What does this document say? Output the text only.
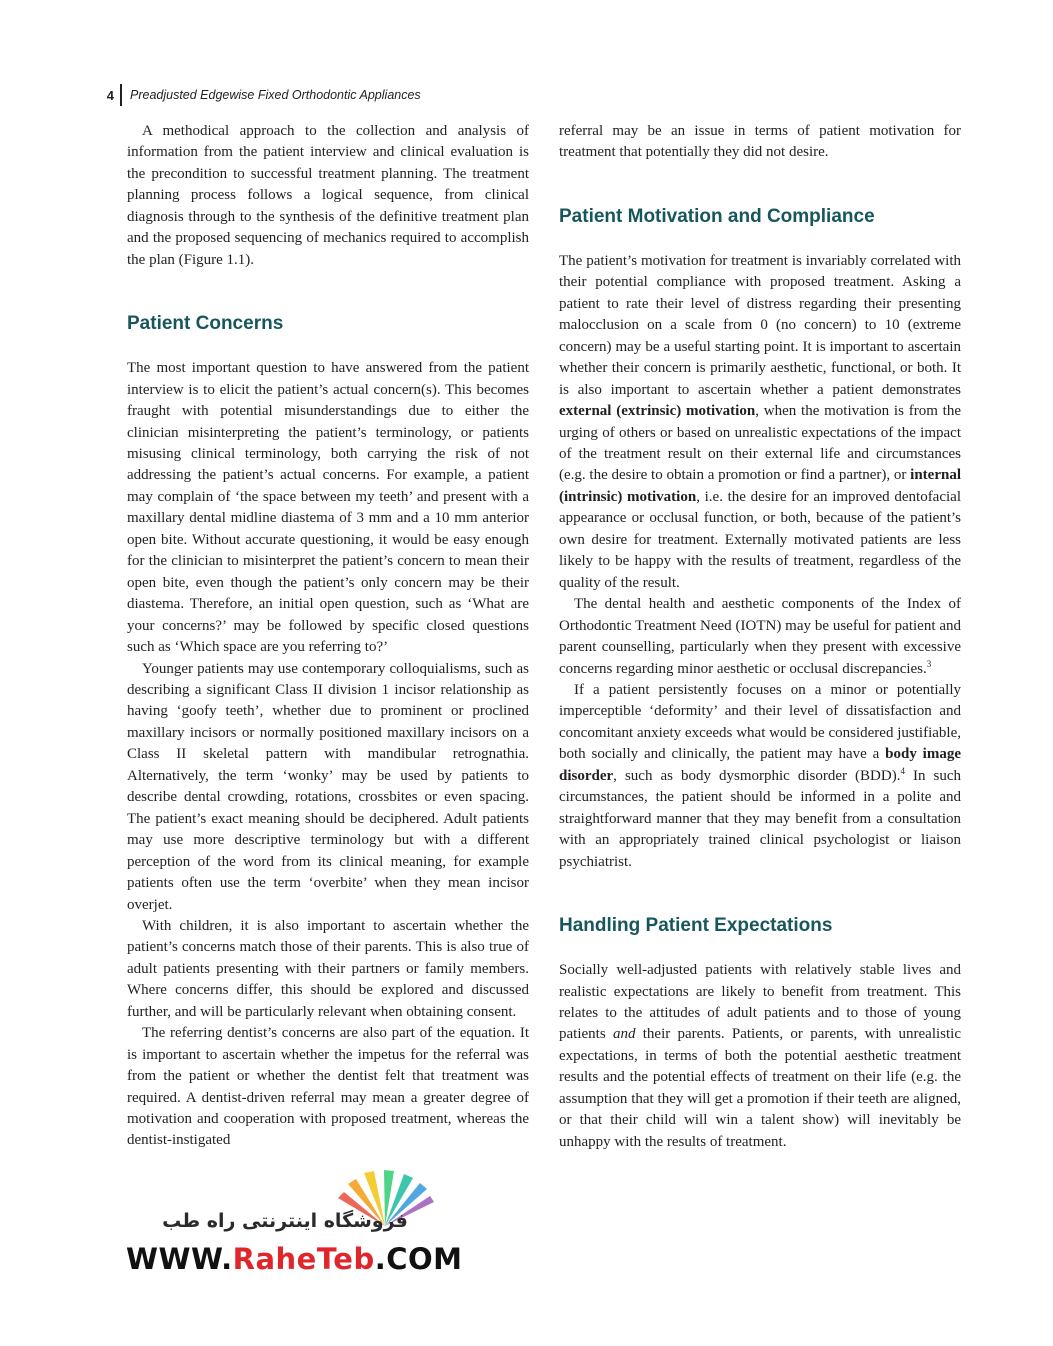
4 Preadjusted Edgewise Fixed Orthodontic Appliances

A methodical approach to the collection and analysis of information from the patient interview and clinical evaluation is the precondition to successful treatment planning. The treatment planning process follows a logical sequence, from clinical diagnosis through to the synthesis of the definitive treatment plan and the proposed sequencing of mechanics required to accomplish the plan (Figure 1.1).

Patient Concerns

The most important question to have answered from the patient interview is to elicit the patient’s actual concern(s). This becomes fraught with potential misunderstandings due to either the clinician misinterpreting the patient’s terminology, or patients misusing clinical terminology, both carrying the risk of not addressing the patient’s actual concerns. For example, a patient may complain of ‘the space between my teeth’ and present with a maxillary dental midline diastema of 3 mm and a 10 mm anterior open bite. Without accurate questioning, it would be easy enough for the clinician to misinterpret the patient’s concern to mean their open bite, even though the patient’s only concern may be their diastema. Therefore, an initial open question, such as ‘What are your concerns?’ may be followed by specific closed questions such as ‘Which space are you referring to?’

Younger patients may use contemporary colloquialisms, such as describing a significant Class II division 1 incisor relationship as having ‘goofy teeth’, whether due to prominent or proclined maxillary incisors or normally positioned maxillary incisors on a Class II skeletal pattern with mandibular retrognathia. Alternatively, the term ‘wonky’ may be used by patients to describe dental crowding, rotations, crossbites or even spacing. The patient’s exact meaning should be deciphered. Adult patients may use more descriptive terminology but with a different perception of the word from its clinical meaning, for example patients often use the term ‘overbite’ when they mean incisor overjet.

With children, it is also important to ascertain whether the patient’s concerns match those of their parents. This is also true of adult patients presenting with their partners or family members. Where concerns differ, this should be explored and discussed further, and will be particularly relevant when obtaining consent.

The referring dentist’s concerns are also part of the equation. It is important to ascertain whether the impetus for the referral was from the patient or whether the dentist felt that treatment was required. A dentist-driven referral may mean a greater degree of motivation and cooperation with proposed treatment, whereas the dentist-instigated

referral may be an issue in terms of patient motivation for treatment that potentially they did not desire.

Patient Motivation and Compliance

The patient’s motivation for treatment is invariably correlated with their potential compliance with proposed treatment. Asking a patient to rate their level of distress regarding their presenting malocclusion on a scale from 0 (no concern) to 10 (extreme concern) may be a useful starting point. It is important to ascertain whether their concern is primarily aesthetic, functional, or both. It is also important to ascertain whether a patient demonstrates external (extrinsic) motivation, when the motivation is from the urging of others or based on unrealistic expectations of the impact of the treatment result on their external life and circumstances (e.g. the desire to obtain a promotion or find a partner), or internal (intrinsic) motivation, i.e. the desire for an improved dentofacial appearance or occlusal function, or both, because of the patient’s own desire for treatment. Externally motivated patients are less likely to be happy with the results of treatment, regardless of the quality of the result.

The dental health and aesthetic components of the Index of Orthodontic Treatment Need (IOTN) may be useful for patient and parent counselling, particularly when they present with excessive concerns regarding minor aesthetic or occlusal discrepancies.$^3$

If a patient persistently focuses on a minor or potentially imperceptible ‘deformity’ and their level of dissatisfaction and concomitant anxiety exceeds what would be considered justifiable, both socially and clinically, the patient may have a body image disorder, such as body dysmorphic disorder (BDD).$^4$ In such circumstances, the patient should be informed in a polite and straightforward manner that they may benefit from a consultation with an appropriately trained clinical psychologist or liaison psychiatrist.

Handling Patient Expectations

Socially well-adjusted patients with relatively stable lives and realistic expectations are likely to benefit from treatment. This relates to the attitudes of adult patients and to those of young patients and their parents. Patients, or parents, with unrealistic expectations, in terms of both the potential aesthetic treatment results and the potential effects of treatment on their life (e.g. the assumption that they will get a promotion if their teeth are aligned, or that their child will win a talent show) will inevitably be unhappy with the results of treatment.

فروشگاه اینترنتی راه طب
WWW.RaheTeb.COM
